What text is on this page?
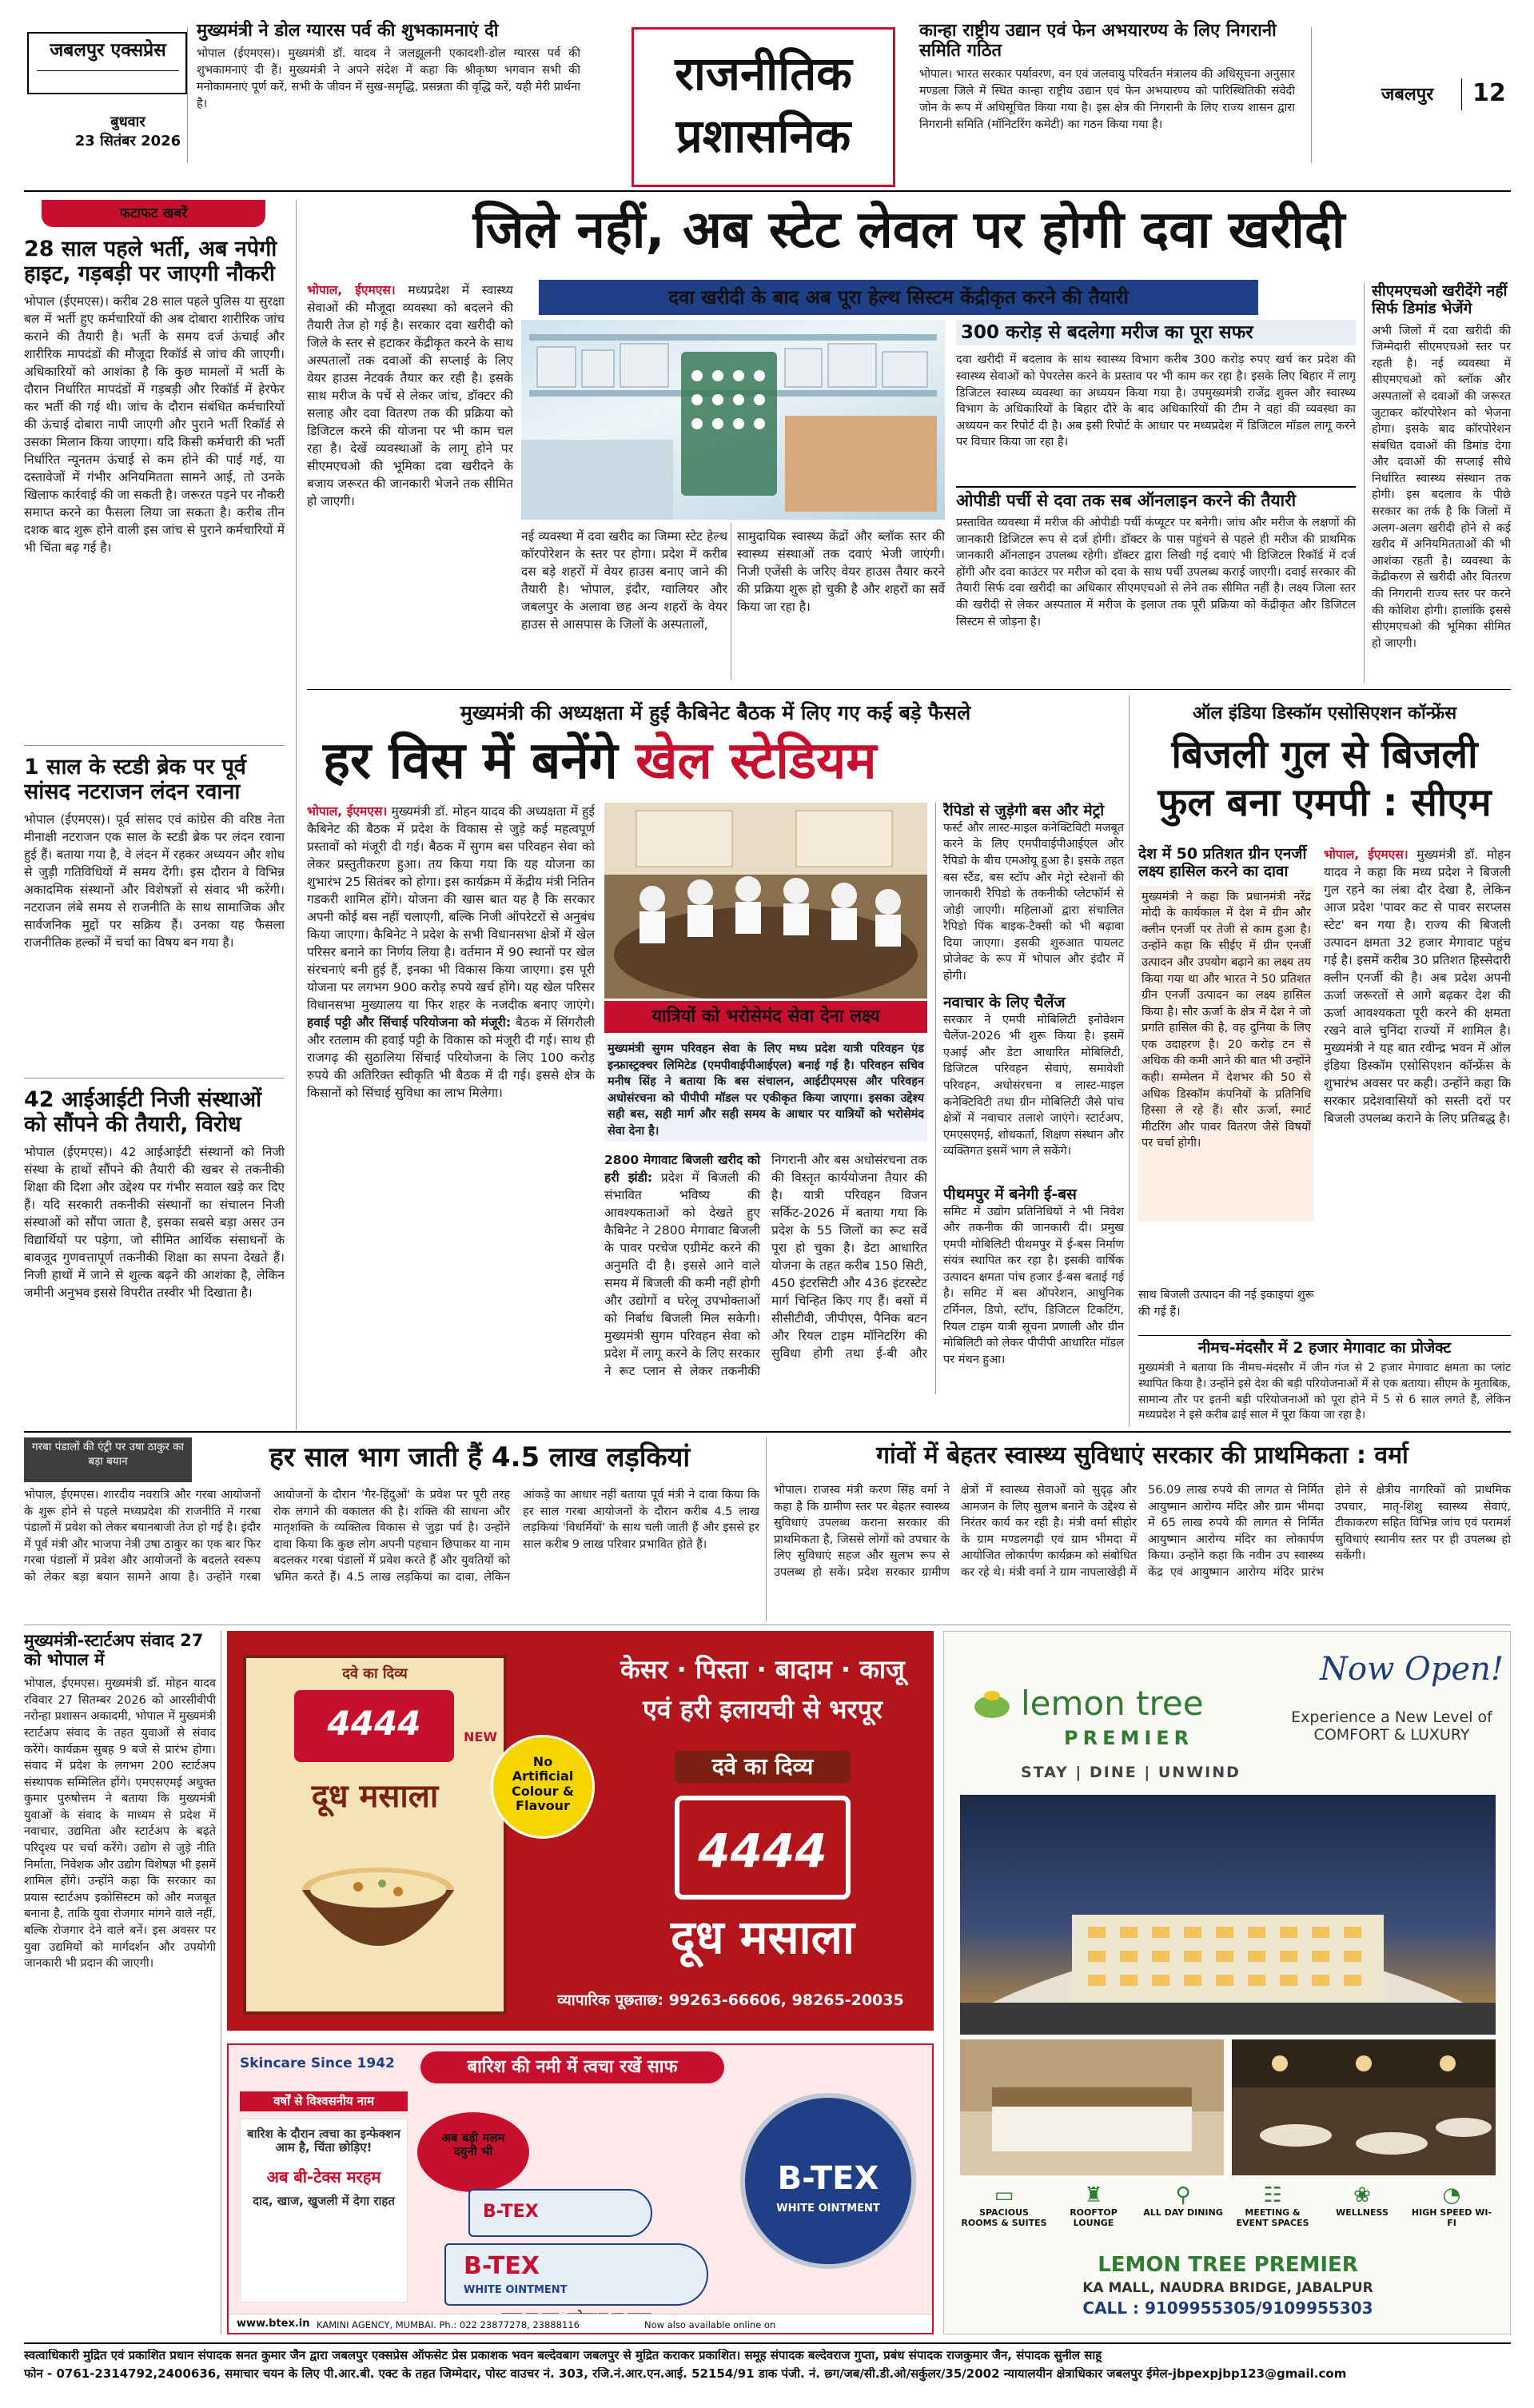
जबलपुर एक्सप्रेस
बुधवार
23 सितंबर 2026
मुख्यमंत्री ने डोल ग्यारस पर्व की शुभकामनाएं दी
भोपाल (ईएमएस)। मुख्यमंत्री डॉ. यादव ने जलझूलनी एकादशी-डोल ग्यारस पर्व की शुभकामनाएं दी हैं। मुख्यमंत्री ने अपने संदेश में कहा कि श्रीकृष्ण भगवान सभी की मनोकामनाएं पूर्ण करें, सभी के जीवन में सुख-समृद्धि, प्रसन्नता की वृद्धि करें, यही मेरी प्रार्थना है।
राजनीतिक
प्रशासनिक
कान्हा राष्ट्रीय उद्यान एवं फेन अभयारण्य के लिए निगरानी समिति गठित
भोपाल। भारत सरकार पर्यावरण, वन एवं जलवायु परिवर्तन मंत्रालय की अधिसूचना अनुसार मण्डला जिले में स्थित कान्हा राष्ट्रीय उद्यान एवं फेन अभयारण्य को पारिस्थितिकी संवेदी जोन के रूप में अधिसूचित किया गया है। इस क्षेत्र की निगरानी के लिए राज्य शासन द्वारा निगरानी समिति (मॉनिटरिंग कमेटी) का गठन किया गया है।
जबलपुर 12
फटाफट खबरें
28 साल पहले भर्ती, अब नपेगी हाइट, गड़बड़ी पर जाएगी नौकरी
भोपाल (ईएमएस)। करीब 28 साल पहले पुलिस या सुरक्षा बल में भर्ती हुए कर्मचारियों की अब दोबारा शारीरिक जांच कराने की तैयारी है। भर्ती के समय दर्ज ऊंचाई और शारीरिक मापदंडों की मौजूदा रिकॉर्ड से जांच की जाएगी। अधिकारियों को आशंका है कि कुछ मामलों में भर्ती के दौरान निर्धारित मापदंडों में गड़बड़ी और रिकॉर्ड में हेरफेर कर भर्ती की गई थी। जांच के दौरान संबंधित कर्मचारियों की ऊंचाई दोबारा नापी जाएगी और पुराने भर्ती रिकॉर्ड से उसका मिलान किया जाएगा। यदि किसी कर्मचारी की भर्ती निर्धारित न्यूनतम ऊंचाई से कम होने की पाई गई, या दस्तावेजों में गंभीर अनियमितता सामने आई, तो उनके खिलाफ कार्रवाई की जा सकती है। जरूरत पड़ने पर नौकरी समाप्त करने का फैसला लिया जा सकता है। करीब तीन दशक बाद शुरू होने वाली इस जांच से पुराने कर्मचारियों में भी चिंता बढ़ गई है।
1 साल के स्टडी ब्रेक पर पूर्व सांसद नटराजन लंदन रवाना
भोपाल (ईएमएस)। पूर्व सांसद एवं कांग्रेस की वरिष्ठ नेता मीनाक्षी नटराजन एक साल के स्टडी ब्रेक पर लंदन रवाना हुई हैं। बताया गया है, वे लंदन में रहकर अध्ययन और शोध से जुड़ी गतिविधियों में समय देंगी। इस दौरान वे विभिन्न अकादमिक संस्थानों और विशेषज्ञों से संवाद भी करेंगी। नटराजन लंबे समय से राजनीति के साथ सामाजिक और सार्वजनिक मुद्दों पर सक्रिय हैं। उनका यह फैसला राजनीतिक हल्कों में चर्चा का विषय बन गया है।
42 आईआईटी निजी संस्थाओं को सौंपने की तैयारी, विरोध
भोपाल (ईएमएस)। 42 आईआईटी संस्थानों को निजी संस्था के हाथों सौंपने की तैयारी की खबर से तकनीकी शिक्षा की दिशा और उद्देश्य पर गंभीर सवाल खड़े कर दिए हैं। यदि सरकारी तकनीकी संस्थानों का संचालन निजी संस्थाओं को सौंपा जाता है, इसका सबसे बड़ा असर उन विद्यार्थियों पर पड़ेगा, जो सीमित आर्थिक संसाधनों के बावजूद गुणवत्तापूर्ण तकनीकी शिक्षा का सपना देखते हैं। निजी हाथों में जाने से शुल्क बढ़ने की आशंका है, लेकिन जमीनी अनुभव इससे विपरीत तस्वीर भी दिखाता है।
जिले नहीं, अब स्टेट लेवल पर होगी दवा खरीदी
दवा खरीदी के बाद अब पूरा हेल्थ सिस्टम केंद्रीकृत करने की तैयारी
भोपाल, ईएमएस। मध्यप्रदेश में स्वास्थ्य सेवाओं की मौजूदा व्यवस्था को बदलने की तैयारी तेज हो गई है। सरकार दवा खरीदी को जिले के स्तर से हटाकर केंद्रीकृत करने के साथ अस्पतालों तक दवाओं की सप्लाई के लिए वेयर हाउस नेटवर्क तैयार कर रही है। इसके साथ मरीज के पर्चे से लेकर जांच, डॉक्टर की सलाह और दवा वितरण तक की प्रक्रिया को डिजिटल करने की योजना पर भी काम चल रहा है। देखें व्यवस्थाओं के लागू होने पर सीएमएचओ की भूमिका दवा खरीदने के बजाय जरूरत की जानकारी भेजने तक सीमित हो जाएगी।
नई व्यवस्था में दवा खरीद का जिम्मा स्टेट हेल्थ कॉरपोरेशन के स्तर पर होगा। प्रदेश में करीब दस बड़े शहरों में वेयर हाउस बनाए जाने की तैयारी है। भोपाल, इंदौर, ग्वालियर और जबलपुर के अलावा छह अन्य शहरों के वेयर हाउस से आसपास के जिलों के अस्पतालों,
सामुदायिक स्वास्थ्य केंद्रों और ब्लॉक स्तर की स्वास्थ्य संस्थाओं तक दवाएं भेजी जाएंगी। निजी एजेंसी के जरिए वेयर हाउस तैयार करने की प्रक्रिया शुरू हो चुकी है और शहरों का सर्वे किया जा रहा है।
300 करोड़ से बदलेगा मरीज का पूरा सफर
दवा खरीदी में बदलाव के साथ स्वास्थ्य विभाग करीब 300 करोड़ रुपए खर्च कर प्रदेश की स्वास्थ्य सेवाओं को पेपरलेस करने के प्रस्ताव पर भी काम कर रहा है। इसके लिए बिहार में लागू डिजिटल स्वास्थ्य व्यवस्था का अध्ययन किया गया है। उपमुख्यमंत्री राजेंद्र शुक्ल और स्वास्थ्य विभाग के अधिकारियों के बिहार दौरे के बाद अधिकारियों की टीम ने वहां की व्यवस्था का अध्ययन कर रिपोर्ट दी है। अब इसी रिपोर्ट के आधार पर मध्यप्रदेश में डिजिटल मॉडल लागू करने पर विचार किया जा रहा है।
ओपीडी पर्ची से दवा तक सब ऑनलाइन करने की तैयारी
प्रस्तावित व्यवस्था में मरीज की ओपीडी पर्ची कंप्यूटर पर बनेगी। जांच और मरीज के लक्षणों की जानकारी डिजिटल रूप से दर्ज होगी। डॉक्टर के पास पहुंचने से पहले ही मरीज की प्राथमिक जानकारी ऑनलाइन उपलब्ध रहेगी। डॉक्टर द्वारा लिखी गई दवाएं भी डिजिटल रिकॉर्ड में दर्ज होंगी और दवा काउंटर पर मरीज को दवा के साथ पर्ची उपलब्ध कराई जाएगी। दवाई सरकार की तैयारी सिर्फ दवा खरीदी का अधिकार सीएमएचओ से लेने तक सीमित नहीं है। लक्ष्य जिला स्तर की खरीदी से लेकर अस्पताल में मरीज के इलाज तक पूरी प्रक्रिया को केंद्रीकृत और डिजिटल सिस्टम से जोड़ना है।
सीएमएचओ खरीदेंगे नहीं सिर्फ डिमांड भेजेंगे
अभी जिलों में दवा खरीदी की जिम्मेदारी सीएमएचओ स्तर पर रहती है। नई व्यवस्था में सीएमएचओ को ब्लॉक और अस्पतालों से दवाओं की जरूरत जुटाकर कॉरपोरेशन को भेजना होगा। इसके बाद कॉरपोरेशन संबंधित दवाओं की डिमांड देगा और दवाओं की सप्लाई सीधे निर्धारित स्वास्थ्य संस्थान तक होगी। इस बदलाव के पीछे सरकार का तर्क है कि जिलों में अलग-अलग खरीदी होने से कई खरीद में अनियमितताओं की भी आशंका रहती है। व्यवस्था के केंद्रीकरण से खरीदी और वितरण की निगरानी राज्य स्तर पर करने की कोशिश होगी। हालांकि इससे सीएमएचओ की भूमिका सीमित हो जाएगी।
मुख्यमंत्री की अध्यक्षता में हुई कैबिनेट बैठक में लिए गए कई बड़े फैसले
हर विस में बनेंगे खेल स्टेडियम
भोपाल, ईएमएस। मुख्यमंत्री डॉ. मोहन यादव की अध्यक्षता में हुई कैबिनेट की बैठक में प्रदेश के विकास से जुड़े कई महत्वपूर्ण प्रस्तावों को मंजूरी दी गई। बैठक में सुगम बस परिवहन सेवा को लेकर प्रस्तुतीकरण हुआ। तय किया गया कि यह योजना का शुभारंभ 25 सितंबर को होगा। इस कार्यक्रम में केंद्रीय मंत्री नितिन गडकरी शामिल होंगे। योजना की खास बात यह है कि सरकार अपनी कोई बस नहीं चलाएगी, बल्कि निजी ऑपरेटरों से अनुबंध किया जाएगा। कैबिनेट ने प्रदेश के सभी विधानसभा क्षेत्रों में खेल परिसर बनाने का निर्णय लिया है। वर्तमान में 90 स्थानों पर खेल संरचनाएं बनी हुई हैं, इनका भी विकास किया जाएगा। इस पूरी योजना पर लगभग 900 करोड़ रुपये खर्च होंगे। यह खेल परिसर विधानसभा मुख्यालय या फिर शहर के नजदीक बनाए जाएंगे। हवाई पट्टी और सिंचाई परियोजना को मंजूरी: बैठक में सिंगरौली और रतलाम की हवाई पट्टी के विकास को मंजूरी दी गई। साथ ही राजगढ़ की सुठालिया सिंचाई परियोजना के लिए 100 करोड़ रुपये की अतिरिक्त स्वीकृति भी बैठक में दी गई। इससे क्षेत्र के किसानों को सिंचाई सुविधा का लाभ मिलेगा।
यात्रियों को भरोसेमंद सेवा देना लक्ष्य
मुख्यमंत्री सुगम परिवहन सेवा के लिए मध्य प्रदेश यात्री परिवहन एंड इन्फ्रास्ट्रक्चर लिमिटेड (एमपीवाईपीआईएल) बनाई गई है। परिवहन सचिव मनीष सिंह ने बताया कि बस संचालन, आईटीएमएस और परिवहन अधोसंरचना को पीपीपी मॉडल पर एकीकृत किया जाएगा। इसका उद्देश्य सही बस, सही मार्ग और सही समय के आधार पर यात्रियों को भरोसेमंद सेवा देना है।
2800 मेगावाट बिजली खरीद को हरी झंडी: प्रदेश में बिजली की संभावित भविष्य की आवश्यकताओं को देखते हुए कैबिनेट ने 2800 मेगावाट बिजली के पावर परचेज एग्रीमेंट करने की अनुमति दी है। इससे आने वाले समय में बिजली की कमी नहीं होगी और उद्योगों व घरेलू उपभोक्ताओं को निर्बाध बिजली मिल सकेगी। मुख्यमंत्री सुगम परिवहन सेवा को प्रदेश में लागू करने के लिए सरकार ने रूट प्लान से लेकर तकनीकी निगरानी और बस अधोसंरचना तक की विस्तृत कार्ययोजना तैयार की है। यात्री परिवहन विजन सर्किट-2026 में बताया गया कि प्रदेश के 55 जिलों का रूट सर्वे पूरा हो चुका है। डेटा आधारित योजना के तहत करीब 150 सिटी, 450 इंटरसिटी और 436 इंटरस्टेट मार्ग चिन्हित किए गए हैं। बसों में सीसीटीवी, जीपीएस, पैनिक बटन और रियल टाइम मॉनिटरिंग की सुविधा होगी तथा ई-बी और
रैपिडो से जुड़ेगी बस और मेट्रो
फर्स्ट और लास्ट-माइल कनेक्टिविटी मजबूत करने के लिए एमपीवाईपीआईएल और रैपिडो के बीच एमओयू हुआ है। इसके तहत बस स्टैंड, बस स्टॉप और मेट्रो स्टेशनों की जानकारी रैपिडो के तकनीकी प्लेटफॉर्म से जोड़ी जाएगी। महिलाओं द्वारा संचालित रैपिडो पिंक बाइक-टैक्सी को भी बढ़ावा दिया जाएगा। इसकी शुरुआत पायलट प्रोजेक्ट के रूप में भोपाल और इंदौर में होगी।
नवाचार के लिए चैलेंज
सरकार ने एमपी मोबिलिटी इनोवेशन चैलेंज-2026 भी शुरू किया है। इसमें एआई और डेटा आधारित मोबिलिटी, डिजिटल परिवहन सेवाएं, समावेशी परिवहन, अधोसंरचना व लास्ट-माइल कनेक्टिविटी तथा ग्रीन मोबिलिटी जैसे पांच क्षेत्रों में नवाचार तलाशे जाएंगे। स्टार्टअप, एमएसएमई, शोधकर्ता, शिक्षण संस्थान और व्यक्तिगत इसमें भाग ले सकेंगे।
पीथमपुर में बनेगी ई-बस
समिट में उद्योग प्रतिनिधियों ने भी निवेश और तकनीक की जानकारी दी। प्रमुख एमपी मोबिलिटी पीथमपुर में ई-बस निर्माण संयंत्र स्थापित कर रहा है। इसकी वार्षिक उत्पादन क्षमता पांच हजार ई-बस बताई गई है। समिट में बस ऑपरेशन, आधुनिक टर्मिनल, डिपो, स्टॉप, डिजिटल टिकटिंग, रियल टाइम यात्री सूचना प्रणाली और ग्रीन मोबिलिटी को लेकर पीपीपी आधारित मॉडल पर मंथन हुआ।
ऑल इंडिया डिस्कॉम एसोसिएशन कॉन्फ्रेंस
बिजली गुल से बिजली फुल बना एमपी : सीएम
देश में 50 प्रतिशत ग्रीन एनर्जी लक्ष्य हासिल करने का दावा
मुख्यमंत्री ने कहा कि प्रधानमंत्री नरेंद्र मोदी के कार्यकाल में देश में ग्रीन और क्लीन एनर्जी पर तेजी से काम हुआ है। उन्होंने कहा कि सीईए में ग्रीन एनर्जी उत्पादन और उपयोग बढ़ाने का लक्ष्य तय किया गया था और भारत ने 50 प्रतिशत ग्रीन एनर्जी उत्पादन का लक्ष्य हासिल किया है। सौर ऊर्जा के क्षेत्र में देश ने जो प्रगति हासिल की है, वह दुनिया के लिए एक उदाहरण है। 20 करोड़ टन से अधिक की कमी आने की बात भी उन्होंने कही। सम्मेलन में देशभर की 50 से अधिक डिस्कॉम कंपनियों के प्रतिनिधि हिस्सा ले रहे हैं। सौर ऊर्जा, स्मार्ट मीटरिंग और पावर वितरण जैसे विषयों पर चर्चा होगी।
भोपाल, ईएमएस। मुख्यमंत्री डॉ. मोहन यादव ने कहा कि मध्य प्रदेश ने बिजली गुल रहने का लंबा दौर देखा है, लेकिन आज प्रदेश 'पावर कट से पावर सरप्लस स्टेट' बन गया है। राज्य की बिजली उत्पादन क्षमता 32 हजार मेगावाट पहुंच गई है। इसमें करीब 30 प्रतिशत हिस्सेदारी क्लीन एनर्जी की है। अब प्रदेश अपनी ऊर्जा जरूरतों से आगे बढ़कर देश की ऊर्जा आवश्यकता पूरी करने की क्षमता रखने वाले चुनिंदा राज्यों में शामिल है। मुख्यमंत्री ने यह बात रवीन्द्र भवन में ऑल इंडिया डिस्कॉम एसोसिएशन कॉन्फ्रेंस के शुभारंभ अवसर पर कही। उन्होंने कहा कि सरकार प्रदेशवासियों को सस्ती दरों पर बिजली उपलब्ध कराने के लिए प्रतिबद्ध है।
साथ बिजली उत्पादन की नई इकाइयां शुरू की गई हैं।
नीमच-मंदसौर में 2 हजार मेगावाट का प्रोजेक्ट
मुख्यमंत्री ने बताया कि नीमच-मंदसौर में जीन गंज से 2 हजार मेगावाट क्षमता का प्लांट स्थापित किया है। उन्होंने इसे देश की बड़ी परियोजनाओं में से एक बताया। सीएम के मुताबिक, सामान्य तौर पर इतनी बड़ी परियोजनाओं को पूरा होने में 5 से 6 साल लगते हैं, लेकिन मध्यप्रदेश ने इसे करीब ढाई साल में पूरा किया जा रहा है।
गरबा पंडालों की एंट्री पर उषा ठाकुर का बड़ा बयान	हर साल भाग जाती हैं 4.5 लाख लड़कियां
भोपाल, ईएमएस। शारदीय नवरात्रि और गरबा आयोजनों के शुरू होने से पहले मध्यप्रदेश की राजनीति में गरबा पंडालों में प्रवेश को लेकर बयानबाजी तेज हो गई है। इंदौर में पूर्व मंत्री और भाजपा नेत्री उषा ठाकुर का एक बार फिर गरबा पंडालों में प्रवेश और आयोजनों के बदलते स्वरूप को लेकर बड़ा बयान सामने आया है। उन्होंने गरबा आयोजनों के दौरान 'गैर-हिंदुओं' के प्रवेश पर पूरी तरह रोक लगाने की वकालत की है। शक्ति की साधना और मातृशक्ति के व्यक्तित्व विकास से जुड़ा पर्व है। उन्होंने दावा किया कि कुछ लोग अपनी पहचान छिपाकर या नाम बदलकर गरबा पंडालों में प्रवेश करते हैं और युवतियों को भ्रमित करते हैं। 4.5 लाख लड़कियां का दावा, लेकिन आंकड़े का आधार नहीं बताया पूर्व मंत्री ने दावा किया कि हर साल गरबा आयोजनों के दौरान करीब 4.5 लाख लड़कियां 'विधर्मियों' के साथ चली जाती हैं और इससे हर साल करीब 9 लाख परिवार प्रभावित होते हैं।
गांवों में बेहतर स्वास्थ्य सुविधाएं सरकार की प्राथमिकता : वर्मा
भोपाल। राजस्व मंत्री करण सिंह वर्मा ने कहा है कि ग्रामीण स्तर पर बेहतर स्वास्थ्य सुविधाएं उपलब्ध कराना सरकार की प्राथमिकता है, जिससे लोगों को उपचार के लिए सुविधाएं सहज और सुलभ रूप से उपलब्ध हो सकें। प्रदेश सरकार ग्रामीण क्षेत्रों में स्वास्थ्य सेवाओं को सुदृढ़ और आमजन के लिए सुलभ बनाने के उद्देश्य से निरंतर कार्य कर रही है। मंत्री वर्मा सीहोर के ग्राम मण्डलगढ़ी एवं ग्राम भीमदा में आयोजित लोकार्पण कार्यक्रम को संबोधित कर रहे थे। मंत्री वर्मा ने ग्राम नापलाखेड़ी में 56.09 लाख रुपये की लागत से निर्मित आयुष्मान आरोग्य मंदिर और ग्राम भीमदा में 65 लाख रुपये की लागत से निर्मित आयुष्मान आरोग्य मंदिर का लोकार्पण किया। उन्होंने कहा कि नवीन उप स्वास्थ्य केंद्र एवं आयुष्मान आरोग्य मंदिर प्रारंभ होने से क्षेत्रीय नागरिकों को प्राथमिक उपचार, मातृ-शिशु स्वास्थ्य सेवाएं, टीकाकरण सहित विभिन्न जांच एवं परामर्श सुविधाएं स्थानीय स्तर पर ही उपलब्ध हो सकेंगी।
मुख्यमंत्री-स्टार्टअप संवाद 27 को भोपाल में
भोपाल, ईएमएस। मुख्यमंत्री डॉ. मोहन यादव रविवार 27 सितम्बर 2026 को आरसीवीपी नरोन्हा प्रशासन अकादमी, भोपाल में मुख्यमंत्री स्टार्टअप संवाद के तहत युवाओं से संवाद करेंगे। कार्यक्रम सुबह 9 बजे से प्रारंभ होगा। संवाद में प्रदेश के लगभग 200 स्टार्टअप संस्थापक सम्मिलित होंगे। एमएसएमई अधुक्त कुमार पुरुषोत्तम ने बताया कि मुख्यमंत्री युवाओं के संवाद के माध्यम से प्रदेश में नवाचार, उद्यमिता और स्टार्टअप के बढ़ते परिदृश्य पर चर्चा करेंगे। उद्योग से जुड़े नीति निर्माता, निवेशक और उद्योग विशेषज्ञ भी इसमें शामिल होंगे। उन्होंने कहा कि सरकार का प्रयास स्टार्टअप इकोसिस्टम को और मजबूत बनाना है, ताकि युवा रोजगार मांगने वाले नहीं, बल्कि रोजगार देने वाले बनें। इस अवसर पर युवा उद्यमियों को मार्गदर्शन और उपयोगी जानकारी भी प्रदान की जाएगी।
दवे का दिव्य
4444
दूध मसाला
NEW
No
Artificial
Colour &
Flavour
केसर · पिस्ता · बादाम · काजू
एवं हरी इलायची से भरपूर
दवे का दिव्य
4444
दूध मसाला
व्यापारिक पूछताछ: 99263-66606, 98265-20035
Skincare Since 1942	बारिश की नमी में त्वचा रखें साफ
वर्षों से विश्वसनीय नाम
बारिश के दौरान त्वचा का इन्फेक्शन आम है, चिंता छोड़िए!
अब बी-टेक्स मरहम
दाद, खाज, खुजली में देगा राहत
अब बड़ी मलम दयुनी भी
B-TEX
B-TEX
WHITE OINTMENT
B-TEX
WHITE OINTMENT
www.btex.in KAMINI AGENCY, MUMBAI. Ph.: 022 23877278, 23888116	Now also available online on
Now Open!
lemon tree
PREMIER
Experience a New Level of COMFORT & LUXURY
STAY | DINE | UNWIND
▭
SPACIOUS ROOMS & SUITES
♜
ROOFTOP LOUNGE
⚲
ALL DAY DINING
☷
MEETING & EVENT SPACES
❀
WELLNESS
◔
HIGH SPEED WI-FI
LEMON TREE PREMIER
KA MALL, NAUDRA BRIDGE, JABALPUR
CALL : 9109955305/9109955303
स्वत्वाधिकारी मुद्रित एवं प्रकाशित प्रधान संपादक सनत कुमार जैन द्वारा जबलपुर एक्सप्रेस ऑफसेट प्रेस प्रकाशक भवन बल्देवबाग जबलपुर से मुद्रित कराकर प्रकाशित। समूह संपादक बल्देवराज गुप्ता, प्रबंध संपादक राजकुमार जैन, संपादक सुनील साहू
फोन - 0761-2314792,2400636, समाचार चयन के लिए पी.आर.बी. एक्ट के तहत जिम्मेदार, पोस्ट वाउचर नं. 303, रजि.नं.आर.एन.आई. 52154/91 डाक पंजी. नं. छ्ग/जब/सी.डी.ओ/सर्कुलर/35/2002 न्यायालयीन क्षेत्राधिकार जबलपुर ईमेल-jbpexpjbp123@gmail.com
